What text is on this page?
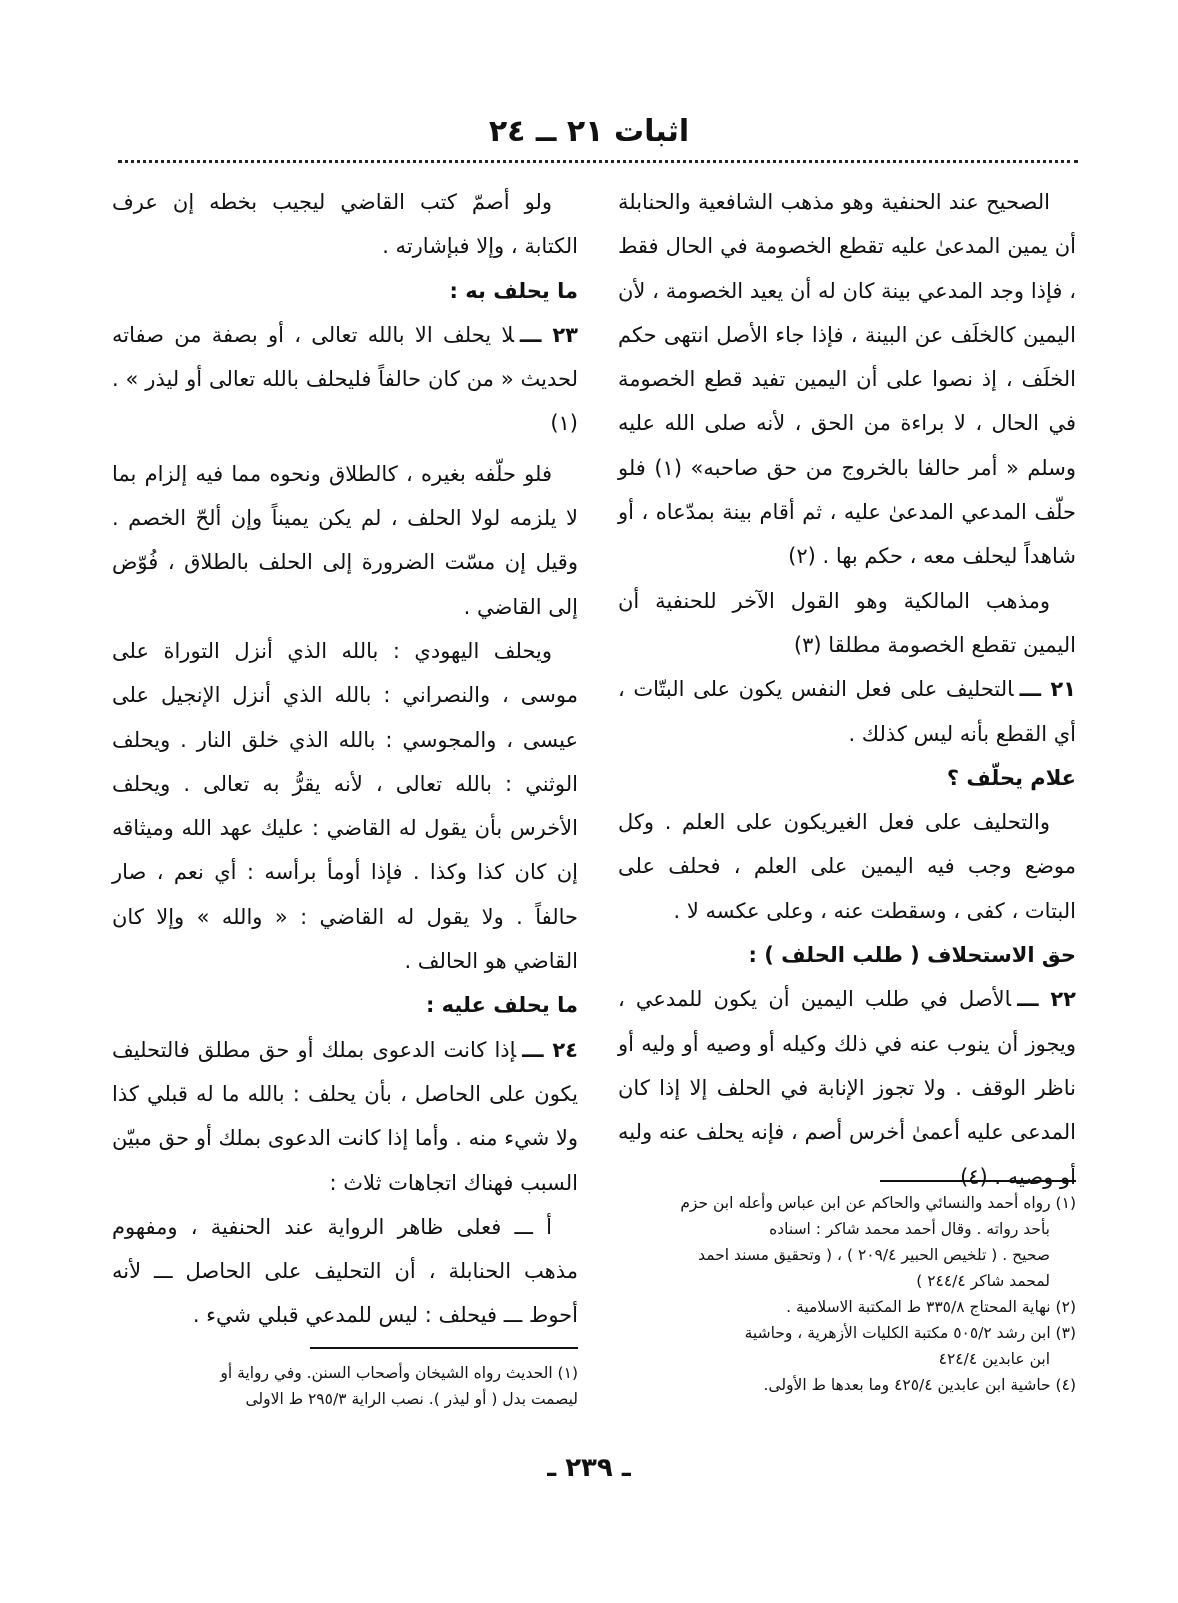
اثبات ٢١ ــ ٢٤

الصحيح عند الحنفية وهو مذهب الشافعية والحنابلة أن يمين المدعىٰ عليه تقطع الخصومة في الحال فقط ، فإذا وجد المدعي بينة كان له أن يعيد الخصومة ، لأن اليمين كالخلَف عن البينة ، فإذا جاء الأصل انتهى حكم الخلَف ، إذ نصوا على أن اليمين تفيد قطع الخصومة في الحال ، لا براءة من الحق ، لأنه صلى الله عليه وسلم « أمر حالفا بالخروج من حق صاحبه» (١) فلو حلّف المدعي المدعىٰ عليه ، ثم أقام بينة بمدّعاه ، أو شاهداً ليحلف معه ، حكم بها . (٢)

ومذهب المالكية وهو القول الآخر للحنفية أن اليمين تقطع الخصومة مطلقا (٣)

٢١ ـــالتحليف على فعل النفس يكون على البتّات ، أي القطع بأنه ليس كذلك .

علام يحلّف ؟

والتحليف على فعل الغيريكون على العلم . وكل موضع وجب فيه اليمين على العلم ، فحلف على البتات ، كفى ، وسقطت عنه ، وعلى عكسه لا .

حق الاستحلاف ( طلب الحلف ) :

٢٢ ـــالأصل في طلب اليمين أن يكون للمدعي ، ويجوز أن ينوب عنه في ذلك وكيله أو وصيه أو وليه أو ناظر الوقف . ولا تجوز الإنابة في الحلف إلا إذا كان المدعى عليه أعمىٰ أخرس أصم ، فإنه يحلف عنه وليه أو وصيه . (٤)

ولو أصمّ كتب القاضي ليجيب بخطه إن عرف الكتابة ، وإلا فبإشارته .

ما يحلف به :

٢٣ ـــلا يحلف الا بالله تعالى ، أو بصفة من صفاته لحديث « من كان حالفاً فليحلف بالله تعالى أو ليذر » . (١)

فلو حلّفه بغيره ، كالطلاق ونحوه مما فيه إلزام بما لا يلزمه لولا الحلف ، لم يكن يميناً وإن ألحّ الخصم . وقيل إن مسّت الضرورة إلى الحلف بالطلاق ، فُوّض إلى القاضي .

ويحلف اليهودي : بالله الذي أنزل التوراة على موسى ، والنصراني : بالله الذي أنزل الإنجيل على عيسى ، والمجوسي : بالله الذي خلق النار . ويحلف الوثني : بالله تعالى ، لأنه يقرُّ به تعالى . ويحلف الأخرس بأن يقول له القاضي : عليك عهد الله وميثاقه إن كان كذا وكذا . فإذا أومأ برأسه : أي نعم ، صار حالفاً . ولا يقول له القاضي : « والله » وإلا كان القاضي هو الحالف .

ما يحلف عليه :

٢٤ ـــإذا كانت الدعوى بملك أو حق مطلق فالتحليف يكون على الحاصل ، بأن يحلف : بالله ما له قبلي كذا ولا شيء منه . وأما إذا كانت الدعوى بملك أو حق مبيّن السبب فهناك اتجاهات ثلاث :

أ ـــ فعلى ظاهر الرواية عند الحنفية ، ومفهوم مذهب الحنابلة ، أن التحليف على الحاصل ـــ لأنه أحوط ـــ فيحلف : ليس للمدعي قبلي شيء .

(١) رواه أحمد والنسائي والحاكم عن ابن عباس وأعله ابن حزم

بأحد رواته . وقال أحمد محمد شاكر : اسناده

صحيح . ( تلخيص الحبير ٢٠٩/٤ ) ، ( وتحقيق مسند احمد

لمحمد شاكر ٢٤٤/٤ )

(٢) نهاية المحتاج ٣٣٥/٨ ط المكتبة الاسلامية .

(٣) ابن رشد ٥٠٥/٢ مكتبة الكليات الأزهرية ، وحاشية

ابن عابدين ٤٢٤/٤

(٤) حاشية ابن عابدين ٤٢٥/٤ وما بعدها ط الأولى.

(١) الحديث رواه الشيخان وأصحاب السنن. وفي رواية أو

ليصمت بدل ( أو ليذر ). نصب الراية ٢٩٥/٣ ط الاولى

ـ ٢٣٩ ـ
